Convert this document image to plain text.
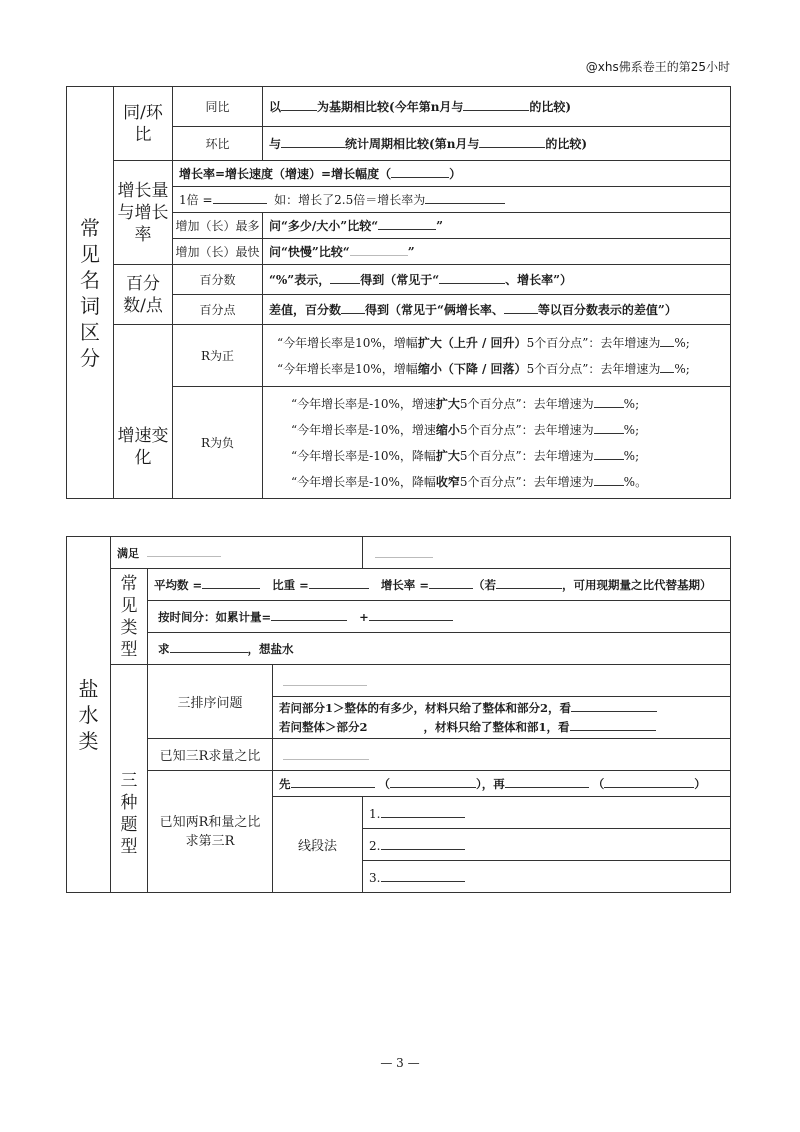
@xhs佛系卷王的第25小时
常见名词区分	同/环比	同比	以 为基期相比较(今年第n月与 的比较)
		环比	与 统计周期相比较(第n月与 的比较)

	增长量与增长率	增长率=增长速度（增速）=增长幅度（ ）	
		1倍 = 如：增长了2.5倍＝增长率为	
		增加（长）最多	问“多少/大小”比较“ ”
		增加（长）最快	问“快慢”比较“ ”
	百分数/点	百分数	“%”表示， 得到（常见于“ 、增长率”）
		百分点	差值，百分数 得到（常见于“俩增长率、 等以百分数表示的差值”）

	增速变化	R为正	“今年增长率是10%，增幅扩大（上升 / 回升）5个百分点”：去年增速为 %;
“今年增长率是10%，增幅缩小（下降 / 回落）5个百分点”：去年增速为 %;

		R为负	“今年增长率是-10%，增速扩大5个百分点”：去年增速为 %;
“今年增长率是-10%，增速缩小5个百分点”：去年增速为 %;
“今年增长率是-10%，降幅扩大5个百分点”：去年增速为 %;
“今年增长率是-10%，降幅收窄5个百分点”：去年增速为 %。
盐水类	满足			
	常见类型	平均数 = 比重 = 增长率 = （若 ，可用现期量之比代替基期）		
		按时间分：如累计量= +		
		求 ，想盐水		

	三种题型	三排序问题		

			若问部分1＞整体的有多少，材料只给了整体和部分2，看
若问整体＞部分2 ，材料只给了整体和部1，看	

		已知三R求量之比		
		已知两R和量之比求第三R	先 （ ），再 （ ）	
			线段法	1.
				2.
				3.
— 3 —
